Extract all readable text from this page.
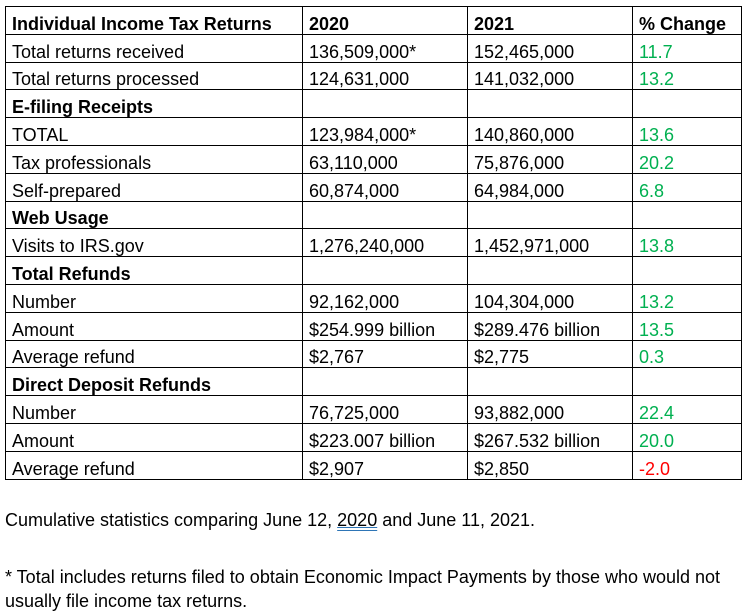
Individual Income Tax Returns	2020	2021	% Change
Total returns received	136,509,000*	152,465,000	11.7
Total returns processed	124,631,000	141,032,000	13.2
E-filing Receipts			
TOTAL	123,984,000*	140,860,000	13.6
Tax professionals	63,110,000	75,876,000	20.2
Self-prepared	60,874,000	64,984,000	6.8
Web Usage			
Visits to IRS.gov	1,276,240,000	1,452,971,000	13.8
Total Refunds			
Number	92,162,000	104,304,000	13.2
Amount	$254.999 billion	$289.476 billion	13.5
Average refund	$2,767	$2,775	0.3
Direct Deposit Refunds			
Number	76,725,000	93,882,000	22.4
Amount	$223.007 billion	$267.532 billion	20.0
Average refund	$2,907	$2,850	-2.0
Cumulative statistics comparing June 12, 2020 and June 11, 2021.
* Total includes returns filed to obtain Economic Impact Payments by those who would not usually file income tax returns.
